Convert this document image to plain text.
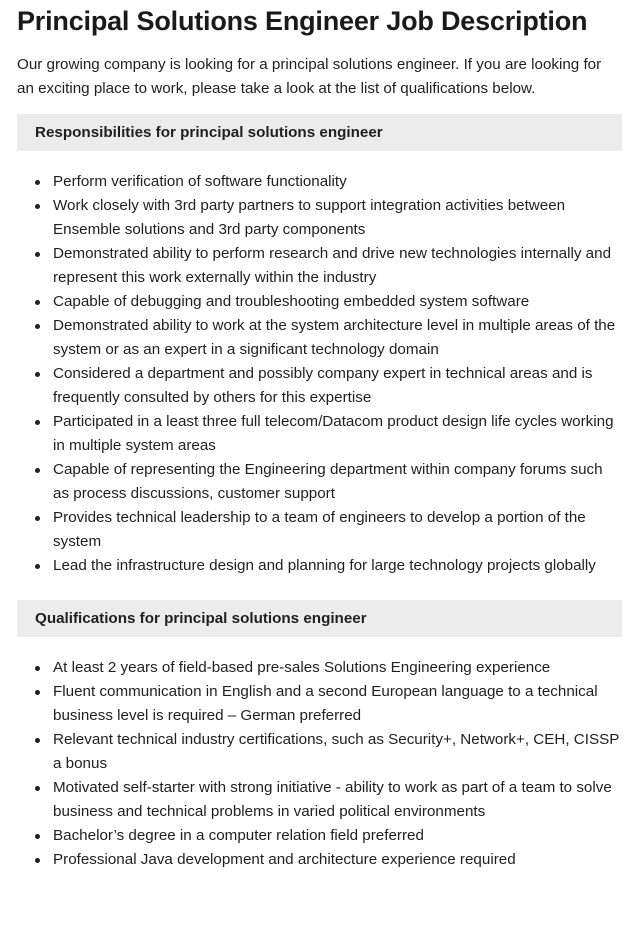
Principal Solutions Engineer Job Description

Our growing company is looking for a principal solutions engineer. If you are looking for an exciting place to work, please take a look at the list of qualifications below.

Responsibilities for principal solutions engineer
Perform verification of software functionality
Work closely with 3rd party partners to support integration activities between Ensemble solutions and 3rd party components
Demonstrated ability to perform research and drive new technologies internally and represent this work externally within the industry
Capable of debugging and troubleshooting embedded system software
Demonstrated ability to work at the system architecture level in multiple areas of the system or as an expert in a significant technology domain
Considered a department and possibly company expert in technical areas and is frequently consulted by others for this expertise
Participated in a least three full telecom/Datacom product design life cycles working in multiple system areas
Capable of representing the Engineering department within company forums such as process discussions, customer support
Provides technical leadership to a team of engineers to develop a portion of the system
Lead the infrastructure design and planning for large technology projects globally
Qualifications for principal solutions engineer
At least 2 years of field-based pre-sales Solutions Engineering experience
Fluent communication in English and a second European language to a technical business level is required – German preferred
Relevant technical industry certifications, such as Security+, Network+, CEH, CISSP a bonus
Motivated self-starter with strong initiative - ability to work as part of a team to solve business and technical problems in varied political environments
Bachelor’s degree in a computer relation field preferred
Professional Java development and architecture experience required
